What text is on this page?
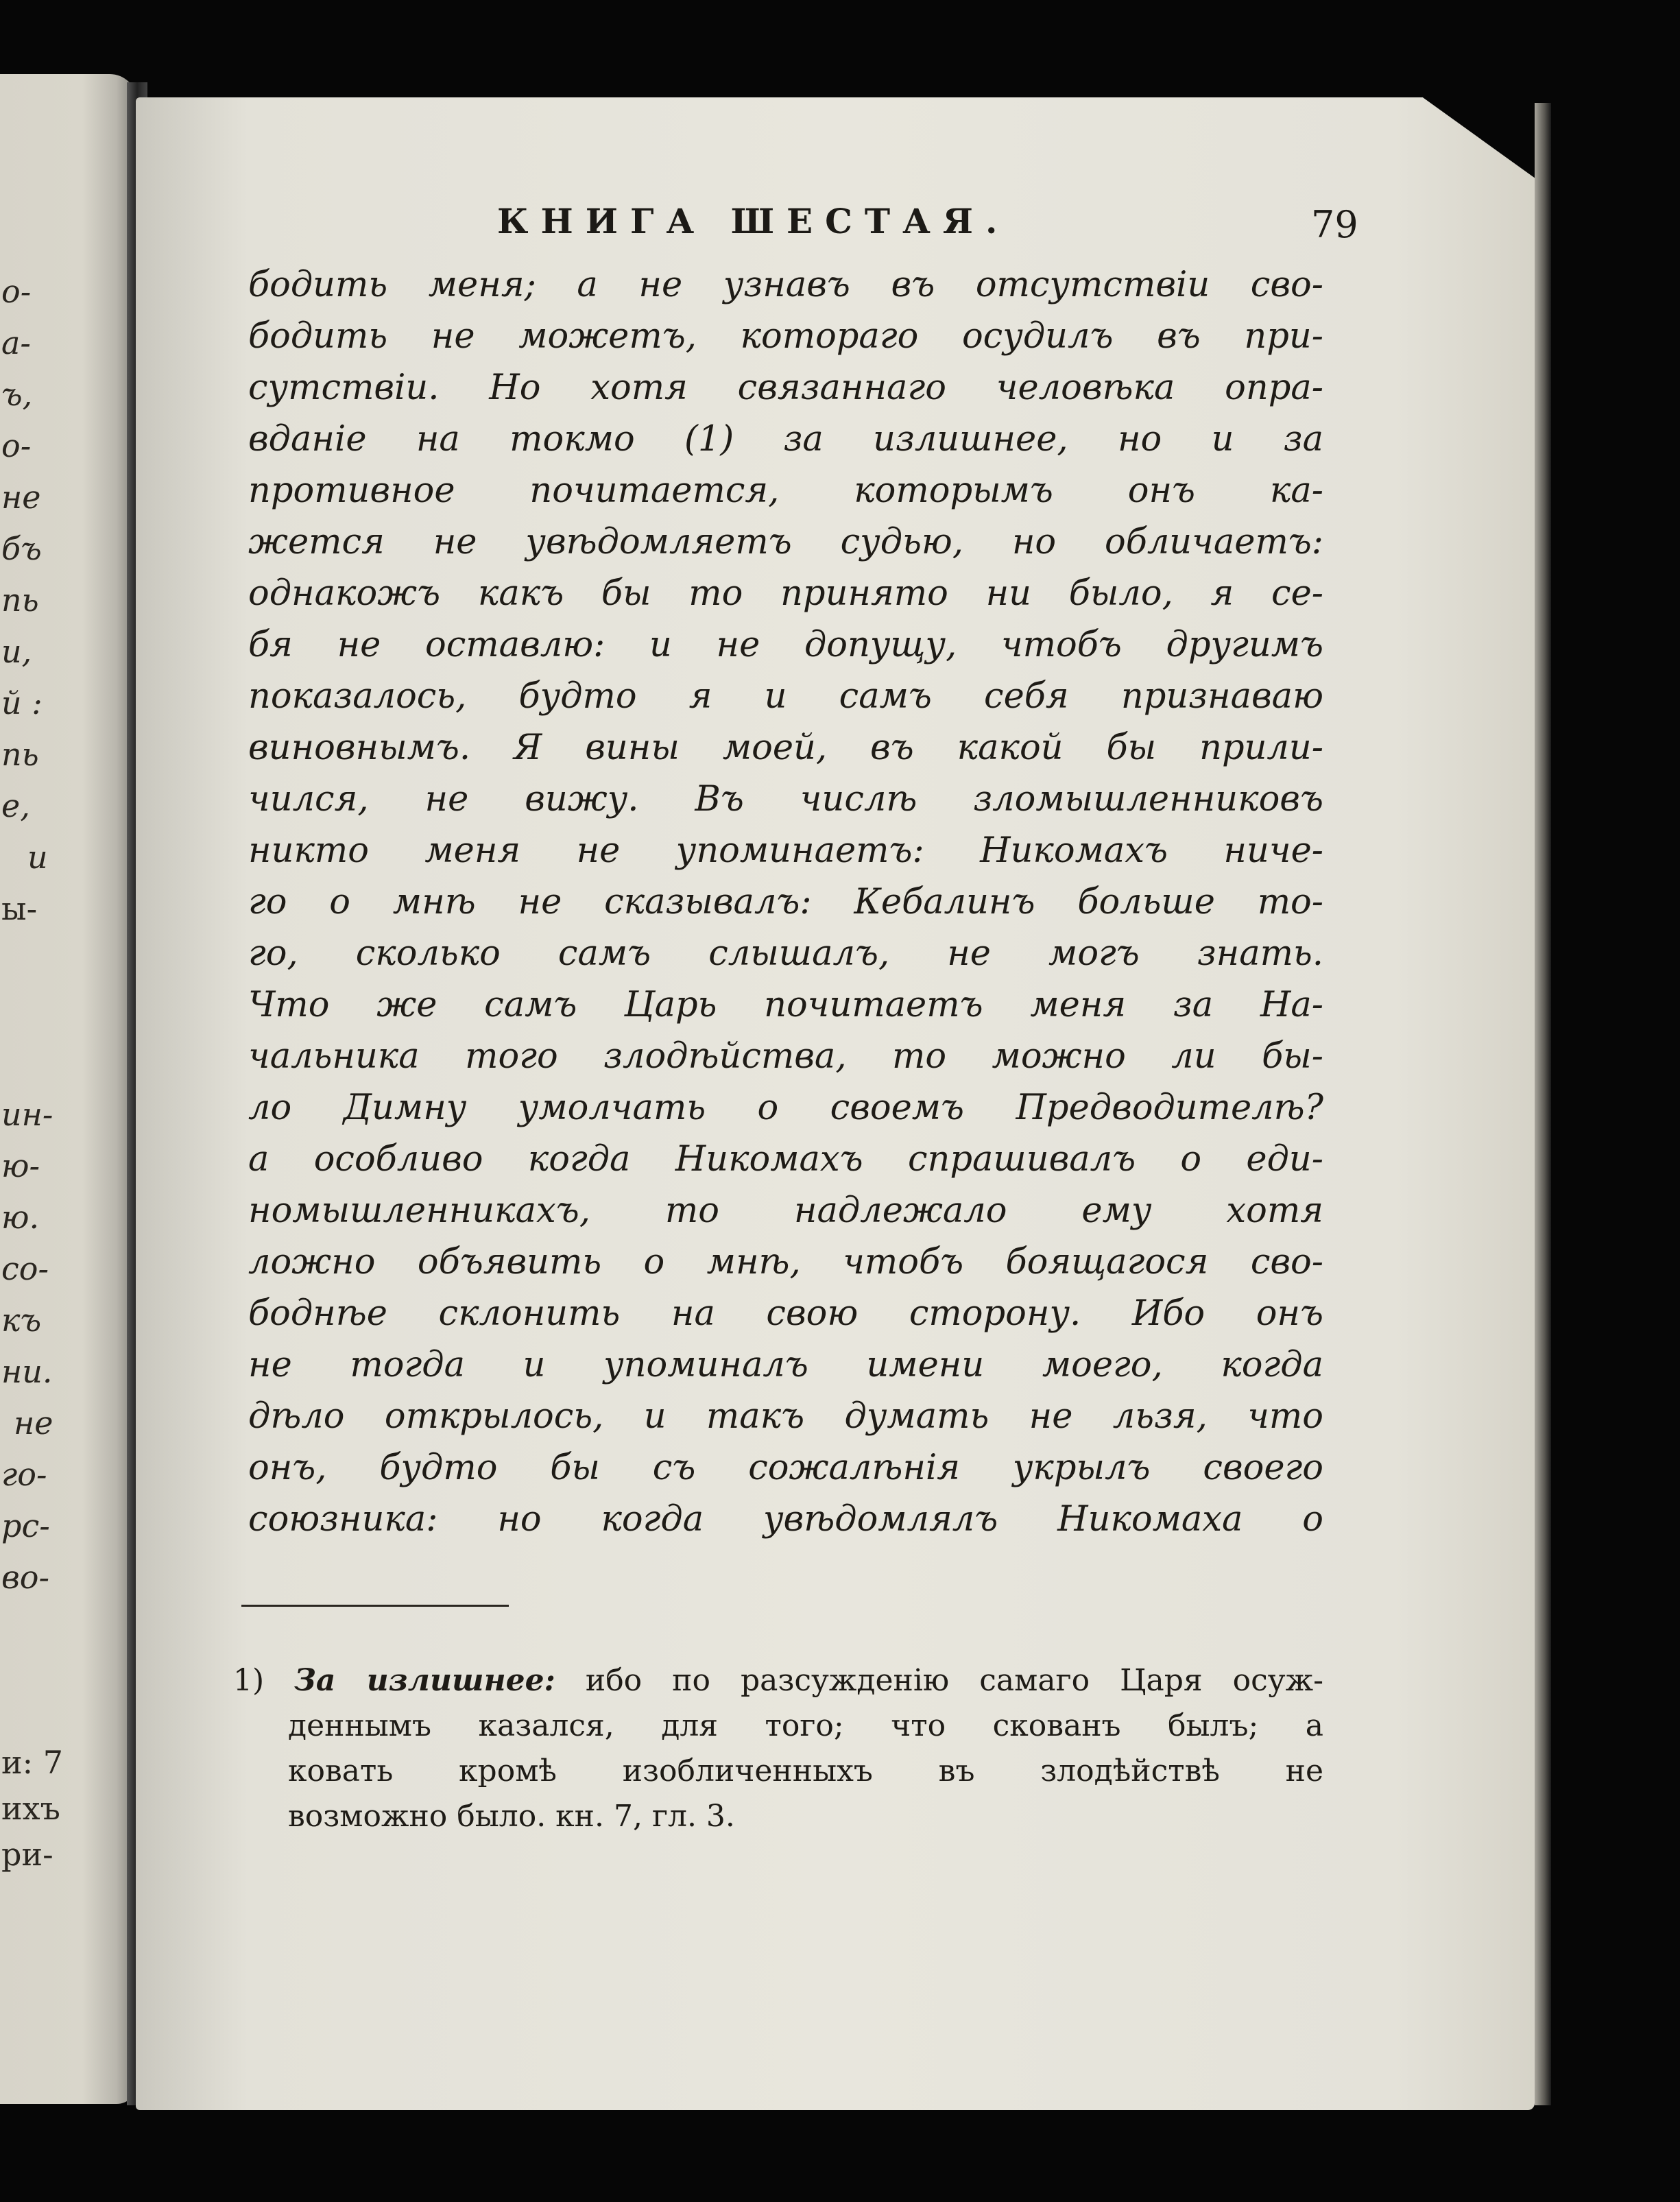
о-
а-
ъ,
о-
не
бъ
пь
и,
й :
пь
е,
и
ы-
ин-
ю-
ю.
со-
къ
ни.
не
го-
рс-
во-
и: 7
ихъ
ри-
КНИГА ШЕСТАЯ.	79
бодить меня; а не узнавъ въ отсутствіи сво-
бодить не можетъ, котораго осудилъ въ при-
сутствіи. Но хотя связаннаго человѣка опра-
вданіе на токмо (1) за излишнее, но и за
противное почитается, которымъ онъ ка-
жется не увѣдомляетъ судью, но обличаетъ:
однакожъ какъ бы то принято ни было, я се-
бя не оставлю: и не допущу, чтобъ другимъ
показалось, будто я и самъ себя признаваю
виновнымъ. Я вины моей, въ какой бы прили-
чился, не вижу. Въ числѣ зломышленниковъ
никто меня не упоминаетъ: Никомахъ ниче-
го о мнѣ не сказывалъ: Кебалинъ больше то-
го, сколько самъ слышалъ, не могъ знать.
Что же самъ Царь почитаетъ меня за На-
чальника того злодѣйства, то можно ли бы-
ло Димну умолчать о своемъ Предводителѣ?
а особливо когда Никомахъ спрашивалъ о еди-
номышленникахъ, то надлежало ему хотя
ложно объявить о мнѣ, чтобъ боящагося сво-
боднѣе склонить на свою сторону. Ибо онъ
не тогда и упоминалъ имени моего, когда
дѣло открылось, и такъ думать не льзя, что
онъ, будто бы съ сожалѣнія укрылъ своего
союзника: но когда увѣдомлялъ Никомаха о
1) За излишнее: ибо по разсужденію самаго Царя осуж-
деннымъ казался, для того; что скованъ былъ; а
ковать кромѣ изобличенныхъ въ злодѣйствѣ не
возможно было. кн. 7, гл. 3.
